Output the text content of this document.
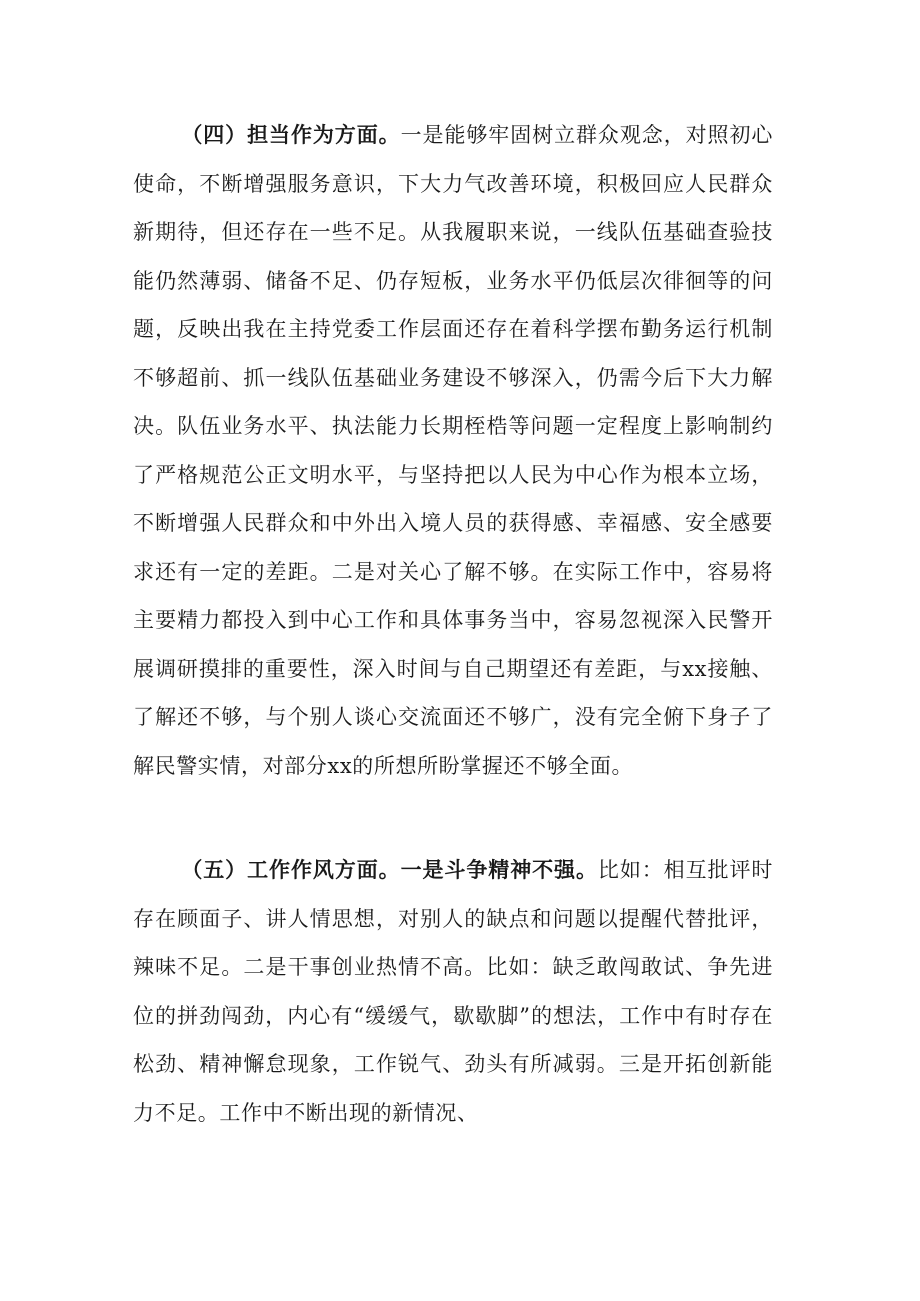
（四）担当作为方面。一是能够牢固树立群众观念，对照初心使命，不断增强服务意识，下大力气改善环境，积极回应人民群众新期待，但还存在一些不足。从我履职来说，一线队伍基础查验技能仍然薄弱、储备不足、仍存短板，业务水平仍低层次徘徊等的问题，反映出我在主持党委工作层面还存在着科学摆布勤务运行机制不够超前、抓一线队伍基础业务建设不够深入，仍需今后下大力解决。队伍业务水平、执法能力长期桎梏等问题一定程度上影响制约了严格规范公正文明水平，与坚持把以人民为中心作为根本立场，不断增强人民群众和中外出入境人员的获得感、幸福感、安全感要求还有一定的差距。二是对关心了解不够。在实际工作中，容易将主要精力都投入到中心工作和具体事务当中，容易忽视深入民警开展调研摸排的重要性，深入时间与自己期望还有差距，与xx接触、了解还不够，与个别人谈心交流面还不够广，没有完全俯下身子了解民警实情，对部分xx的所想所盼掌握还不够全面。

（五）工作作风方面。一是斗争精神不强。比如：相互批评时存在顾面子、讲人情思想，对别人的缺点和问题以提醒代替批评，辣味不足。二是干事创业热情不高。比如：缺乏敢闯敢试、争先进位的拼劲闯劲，内心有“缓缓气，歇歇脚”的想法，工作中有时存在松劲、精神懈怠现象，工作锐气、劲头有所减弱。三是开拓创新能力不足。工作中不断出现的新情况、
